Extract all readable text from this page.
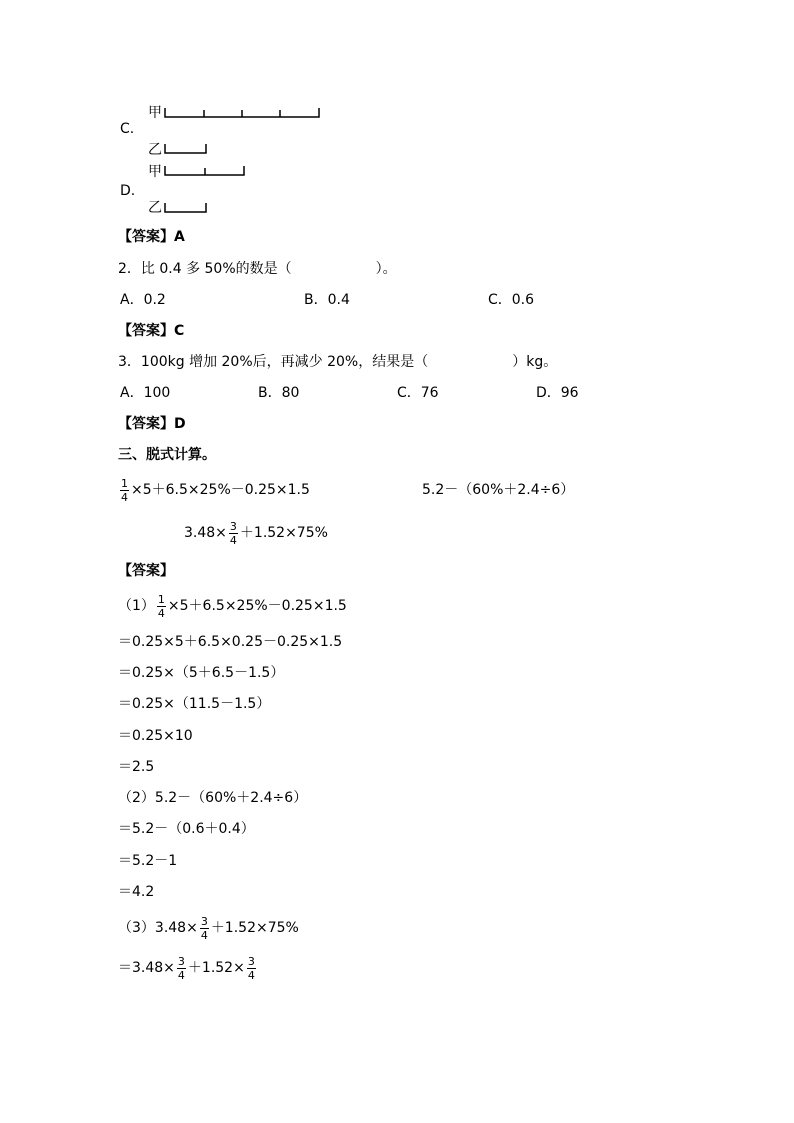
甲
C.
乙
甲
D.
乙
【答案】A
2．比 0.4 多 50%的数是（　　　　　　）。
A．0.2	B．0.4	C．0.6
【答案】C
3．100kg 增加 20%后，再减少 20%，结果是（　　　　　　）kg。
A．100	B．80	C．76	D．96
【答案】D
三、脱式计算。
$\frac{1}{4} \times 5+6.5\times 25\%-0.25\times 1.5$	5.2－（60%＋2.4÷6）
$3.48\times \frac{3}{4} +1.52\times 75\%$
【答案】
$(1) \frac{1}{4} \times 5+6.5\times 25\%-0.25\times 1.5$
＝0.25×5＋6.5×0.25－0.25×1.5
＝0.25×（5＋6.5－1.5）
＝0.25×（11.5－1.5）
＝0.25×10
＝2.5
（2）5.2－（60%＋2.4÷6）
＝5.2－（0.6＋0.4）
＝5.2－1
＝4.2
$(3)3.48\times \frac{3}{4} +1.52\times 75\%$
$=3.48\times \frac{3}{4} +1.52\times \frac{3}{4}$
